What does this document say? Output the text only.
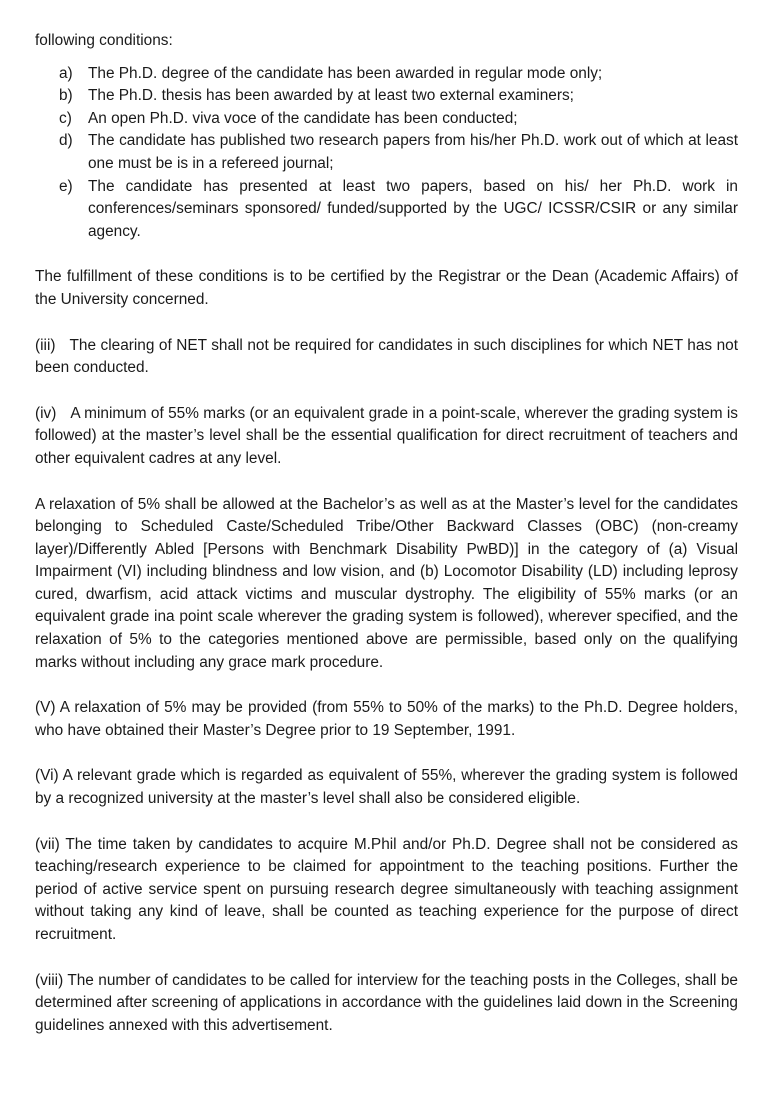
following conditions:

a) The Ph.D. degree of the candidate has been awarded in regular mode only;
b) The Ph.D. thesis has been awarded by at least two external examiners;
c)	An open Ph.D. viva voce of the candidate has been conducted;
d) The candidate has published two research papers from his/her Ph.D. work out of which at least one must be is in a refereed journal;
e) The candidate has presented at least two papers, based on his/ her Ph.D. work in conferences/seminars sponsored/ funded/supported by the UGC/ ICSSR/CSIR or any similar agency.

The fulfillment of these conditions is to be certified by the Registrar or the Dean (Academic Affairs) of the University concerned.

(iii) The clearing of NET shall not be required for candidates in such disciplines for which NET has not been conducted.

(iv) A minimum of 55% marks (or an equivalent grade in a point-scale, wherever the grading system is followed) at the master’s level shall be the essential qualification for direct recruitment of teachers and other equivalent cadres at any level.

A relaxation of 5% shall be allowed at the Bachelor’s as well as at the Master’s level for the candidates belonging to Scheduled Caste/Scheduled Tribe/Other Backward Classes (OBC) (non-creamy layer)/Differently Abled [Persons with Benchmark Disability PwBD)] in the category of (a) Visual Impairment (VI) including blindness and low vision, and (b) Locomotor Disability (LD) including leprosy cured, dwarfism, acid attack victims and muscular dystrophy. The eligibility of 55% marks (or an equivalent grade ina point scale wherever the grading system is followed), wherever specified, and the relaxation of 5% to the categories mentioned above are permissible, based only on the qualifying marks without including any grace mark procedure.

(V) A relaxation of 5% may be provided (from 55% to 50% of the marks) to the Ph.D. Degree holders, who have obtained their Master’s Degree prior to 19 September, 1991.

(Vi) A relevant grade which is regarded as equivalent of 55%, wherever the grading system is followed by a recognized university at the master’s level shall also be considered eligible.

(vii) The time taken by candidates to acquire M.Phil and/or Ph.D. Degree shall not be considered as teaching/research experience to be claimed for appointment to the teaching positions. Further the period of active service spent on pursuing research degree simultaneously with teaching assignment without taking any kind of leave, shall be counted as teaching experience for the purpose of direct recruitment.

(viii) The number of candidates to be called for interview for the teaching posts in the Colleges, shall be determined after screening of applications in accordance with the guidelines laid down in the Screening guidelines annexed with this advertisement.
